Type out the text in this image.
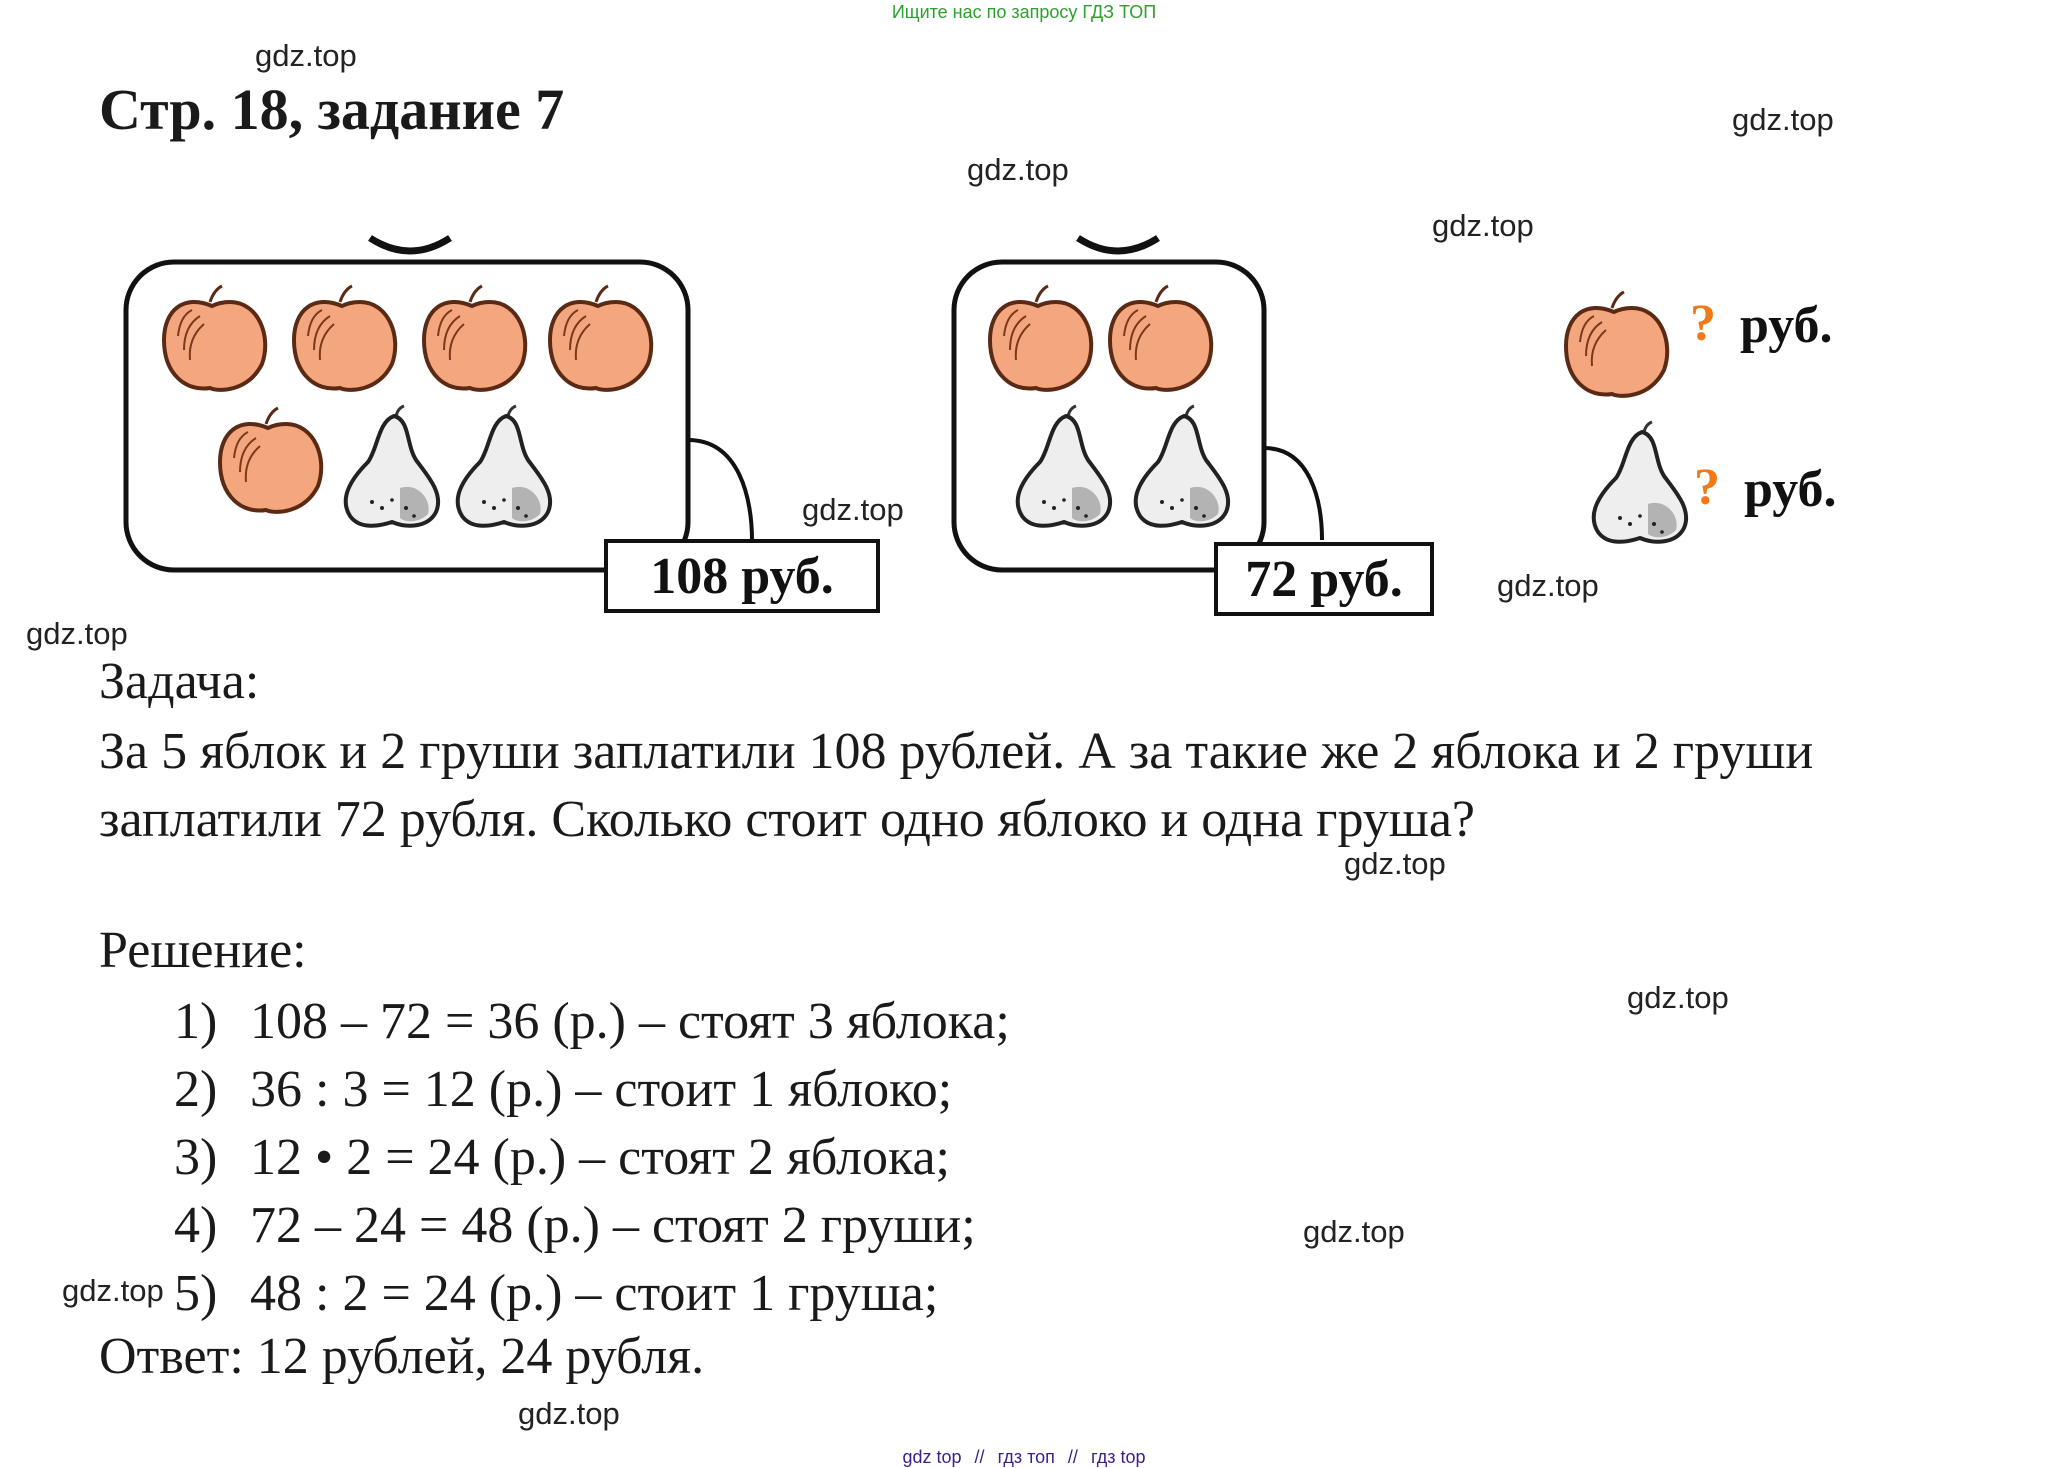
Ищите нас по запросу ГДЗ ТОП
Стр. 18, задание 7
108 руб.	72 руб.
? руб.
? руб.
Задача:
За 5 яблок и 2 груши заплатили 108 рублей. А за такие же 2 яблока и 2 груши заплатили 72 рубля. Сколько стоит одно яблоко и одна груша?
Решение:
1) 108 – 72 = 36 (р.) – стоят 3 яблока;
2) 36 : 3 = 12 (р.) – стоит 1 яблоко;
3) 12 • 2 = 24 (р.) – стоят 2 яблока;
4) 72 – 24 = 48 (р.) – стоят 2 груши;
5) 48 : 2 = 24 (р.) – стоит 1 груша;
Ответ: 12 рублей, 24 рубля.
gdz.top
gdz.top
gdz.top
gdz.top
gdz.top
gdz.top
gdz.top
gdz.top
gdz.top
gdz.top
gdz.top
gdz.top
gdz top // гдз топ // гдз top
